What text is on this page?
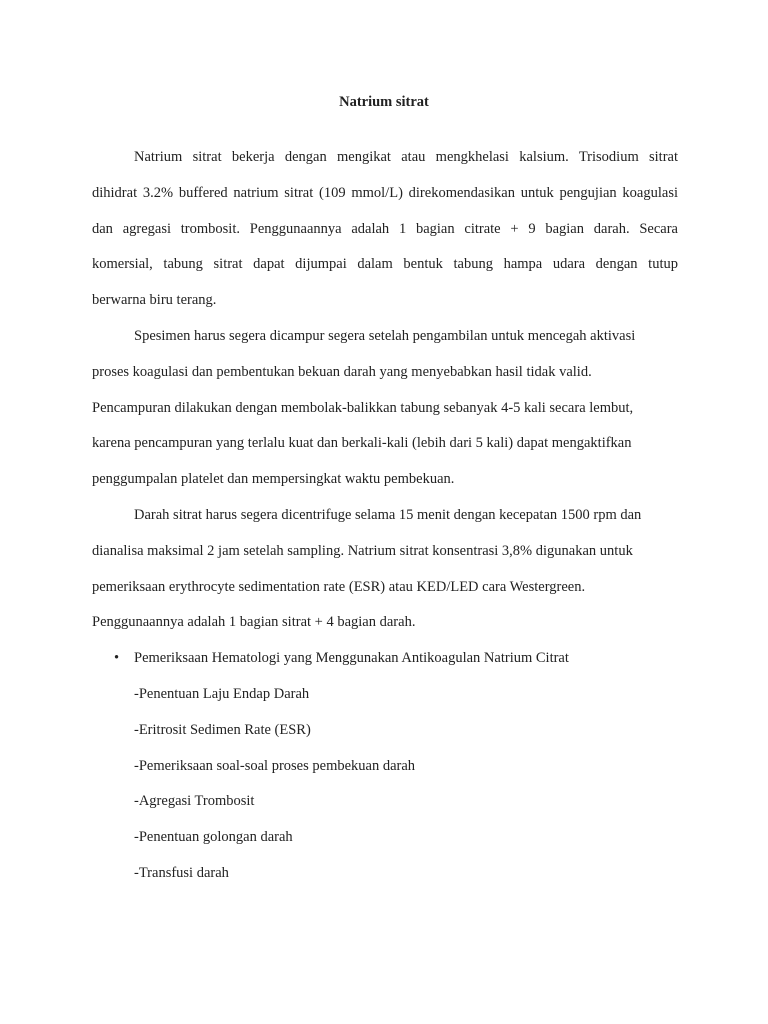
Natrium sitrat
Natrium sitrat bekerja dengan mengikat atau mengkhelasi kalsium. Trisodium sitrat
dihidrat 3.2% buffered natrium sitrat (109 mmol/L) direkomendasikan untuk pengujian koagulasi
dan agregasi trombosit. Penggunaannya adalah 1 bagian citrate + 9 bagian darah. Secara
komersial, tabung sitrat dapat dijumpai dalam bentuk tabung hampa udara dengan tutup
berwarna biru terang.
Spesimen harus segera dicampur segera setelah pengambilan untuk mencegah aktivasi
proses koagulasi dan pembentukan bekuan darah yang menyebabkan hasil tidak valid.
Pencampuran dilakukan dengan membolak-balikkan tabung sebanyak 4-5 kali secara lembut,
karena pencampuran yang terlalu kuat dan berkali-kali (lebih dari 5 kali) dapat mengaktifkan
penggumpalan platelet dan mempersingkat waktu pembekuan.
Darah sitrat harus segera dicentrifuge selama 15 menit dengan kecepatan 1500 rpm dan
dianalisa maksimal 2 jam setelah sampling. Natrium sitrat konsentrasi 3,8% digunakan untuk
pemeriksaan erythrocyte sedimentation rate (ESR) atau KED/LED cara Westergreen.
Penggunaannya adalah 1 bagian sitrat + 4 bagian darah.
• Pemeriksaan Hematologi yang Menggunakan Antikoagulan Natrium Citrat
-Penentuan Laju Endap Darah
-Eritrosit Sedimen Rate (ESR)
-Pemeriksaan soal-soal proses pembekuan darah
-Agregasi Trombosit
-Penentuan golongan darah
-Transfusi darah
